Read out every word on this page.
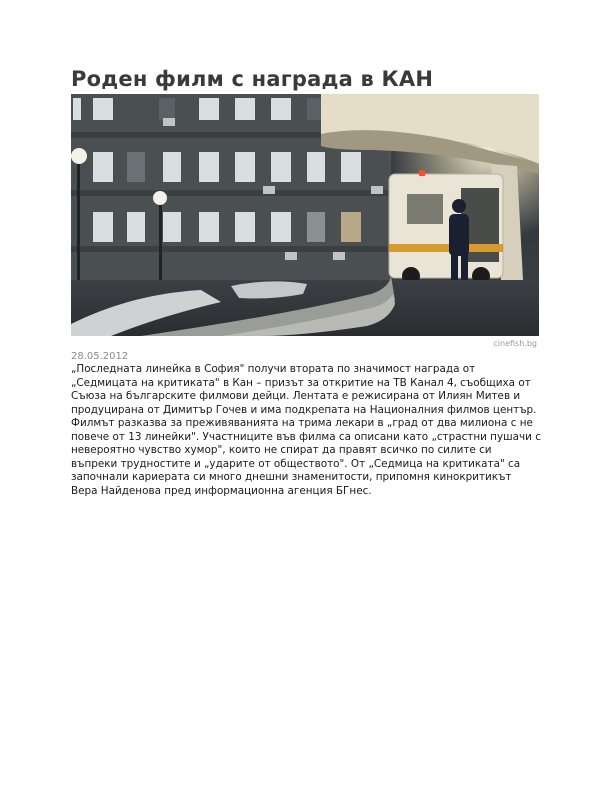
Роден филм с награда в КАН
cinefish.bg
28.05.2012

„Последната линейка в София" получи втората по значимост награда от „Седмицата на критиката" в Кан – призът за откритие на ТВ Канал 4, съобщиха от Съюза на българските филмови дейци. Лентата е режисирана от Илиян Митев и продуцирана от Димитър Гочев и има подкрепата на Националния филмов център. Филмът разказва за преживяванията на трима лекари в „град от два милиона с не повече от 13 линейки". Участниците във филма са описани като „страстни пушачи с невероятно чувство хумор", които не спират да правят всичко по силите си въпреки трудностите и „ударите от обществото". От „Седмица на критиката" са започнали кариерата си много днешни знаменитости, припомня кинокритикът Вера Найденова пред информационна агенция БГнес.
